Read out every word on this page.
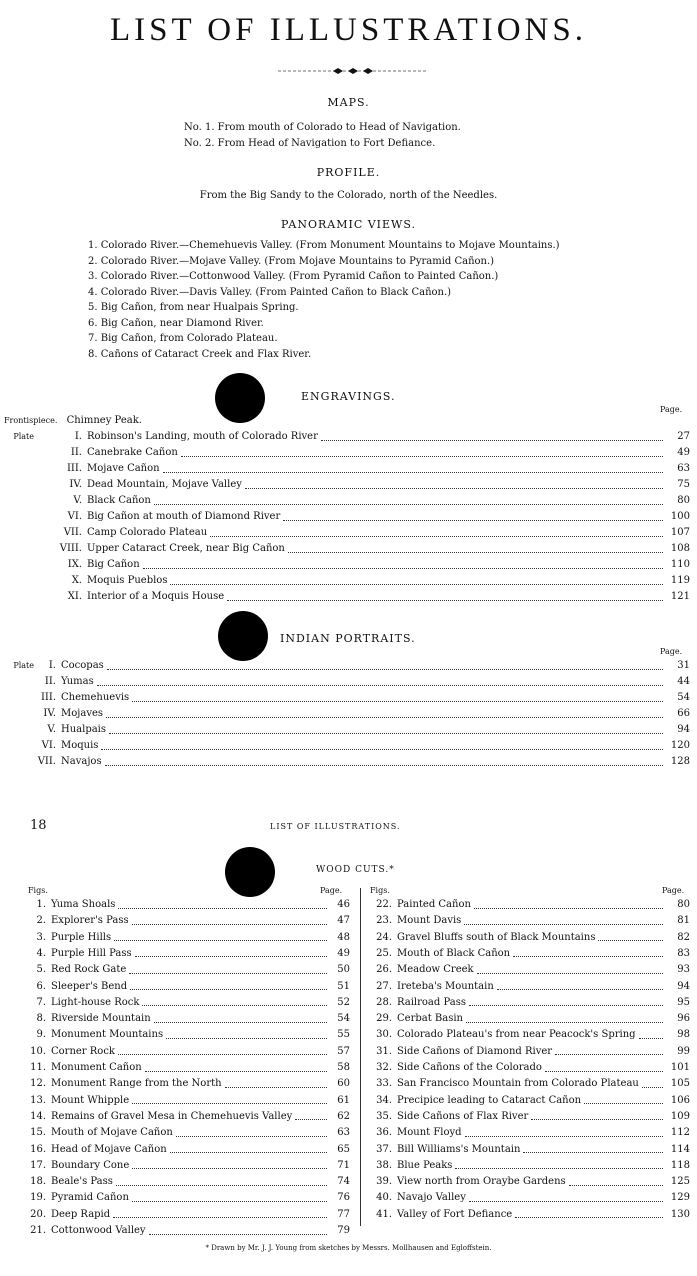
LIST OF ILLUSTRATIONS.
MAPS.
No. 1. From mouth of Colorado to Head of Navigation.
No. 2. From Head of Navigation to Fort Defiance.
PROFILE.
From the Big Sandy to the Colorado, north of the Needles.
PANORAMIC VIEWS.
1. Colorado River.—Chemehuevis Valley. (From Monument Mountains to Mojave Mountains.)
2. Colorado River.—Mojave Valley. (From Mojave Mountains to Pyramid Cañon.)
3. Colorado River.—Cottonwood Valley. (From Pyramid Cañon to Painted Cañon.)
4. Colorado River.—Davis Valley. (From Painted Cañon to Black Cañon.)
5. Big Cañon, from near Hualpais Spring.
6. Big Cañon, near Diamond River.
7. Big Cañon, from Colorado Plateau.
8. Cañons of Cataract Creek and Flax River.
ENGRAVINGS.
Page.
Frontispiece. Chimney Peak.
Plate	I. Robinson's Landing, mouth of Colorado River	27
II. Canebrake Cañon	49
III. Mojave Cañon	63
IV. Dead Mountain, Mojave Valley	75
V. Black Cañon	80
VI. Big Cañon at mouth of Diamond River	100
VII. Camp Colorado Plateau	107
VIII. Upper Cataract Creek, near Big Cañon	108
IX. Big Cañon	110
X. Moquis Pueblos	119
XI. Interior of a Moquis House	121
INDIAN PORTRAITS.
Page.
Plate	I. Cocopas	31
II. Yumas	44
III. Chemehuevis	54
IV. Mojaves	66
V. Hualpais	94
VI. Moquis	120
VII. Navajos	128
18	LIST OF ILLUSTRATIONS.
WOOD CUTS.*
Figs.	Page.	Figs.	Page.
1. Yuma Shoals	46
2. Explorer's Pass	47
3. Purple Hills	48
4. Purple Hill Pass	49
5. Red Rock Gate	50
6. Sleeper's Bend	51
7. Light-house Rock	52
8. Riverside Mountain	54
9. Monument Mountains	55
10. Corner Rock	57
11. Monument Cañon	58
12. Monument Range from the North	60
13. Mount Whipple	61
14. Remains of Gravel Mesa in Chemehuevis Valley	62
15. Mouth of Mojave Cañon	63
16. Head of Mojave Cañon	65
17. Boundary Cone	71
18. Beale's Pass	74
19. Pyramid Cañon	76
20. Deep Rapid	77
21. Cottonwood Valley	79
22. Painted Cañon	80
23. Mount Davis	81
24. Gravel Bluffs south of Black Mountains	82
25. Mouth of Black Cañon	83
26. Meadow Creek	93
27. Ireteba's Mountain	94
28. Railroad Pass	95
29. Cerbat Basin	96
30. Colorado Plateau's from near Peacock's Spring	98
31. Side Cañons of Diamond River	99
32. Side Cañons of the Colorado	101
33. San Francisco Mountain from Colorado Plateau	105
34. Precipice leading to Cataract Cañon	106
35. Side Cañons of Flax River	109
36. Mount Floyd	112
37. Bill Williams's Mountain	114
38. Blue Peaks	118
39. View north from Oraybe Gardens	125
40. Navajo Valley	129
41. Valley of Fort Defiance	130
* Drawn by Mr. J. J. Young from sketches by Messrs. Mollhausen and Egloffstein.
